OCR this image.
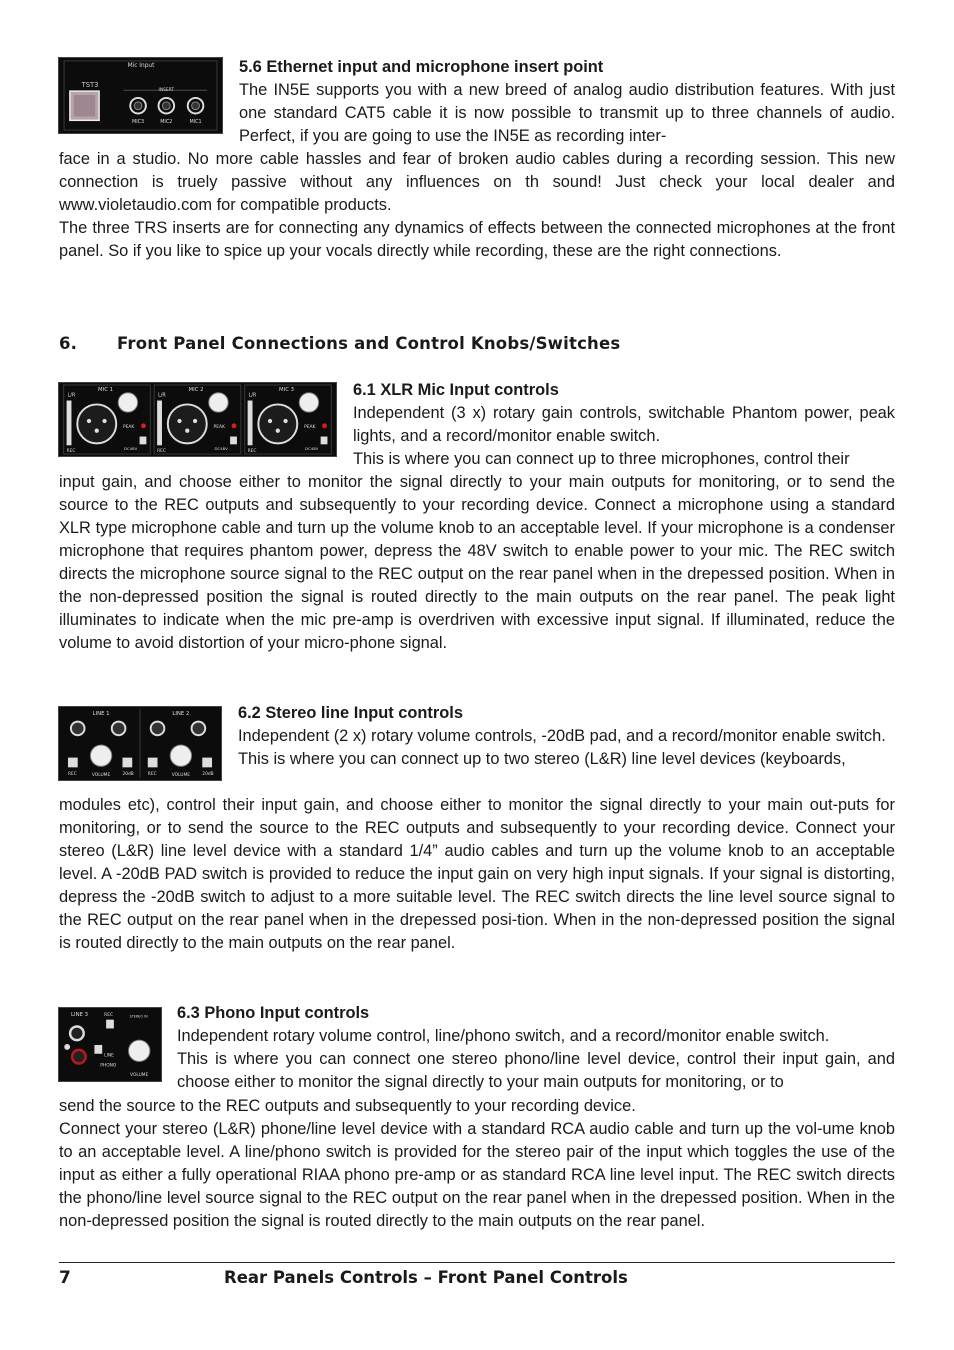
Mic Input
TST3
INSERT
MIC3	MIC2	MIC1
5.6 Ethernet input and microphone insert point

The IN5E supports you with a new breed of analog audio distribution features. With just one standard CAT5 cable it is now possible to transmit up to three channels of audio. Perfect, if you are going to use the IN5E as recording inter-

face in a studio. No more cable hassles and fear of broken audio cables during a recording session. This new connection is truely passive without any influences on th sound! Just check your local dealer and www.violetaudio.com for compatible products.

The three TRS inserts are for connecting any dynamics of effects between the connected microphones at the front panel. So if you like to spice up your vocals directly while recording, these are the right connections.

6. Front Panel Connections and Control Knobs/Switches
MIC 1
L/R
REC
PEAK
DC48V
MIC 2
L/R
REC
PEAK
DC48V
MIC 3
L/R
REC
PEAK
DC48V
6.1 XLR Mic Input controls

Independent (3 x) rotary gain controls, switchable Phantom power, peak lights, and a record/monitor enable switch.

This is where you can connect up to three microphones, control their

input gain, and choose either to monitor the signal directly to your main outputs for monitoring, or to send the source to the REC outputs and subsequently to your recording device. Connect a microphone using a standard XLR type microphone cable and turn up the volume knob to an acceptable level. If your microphone is a condenser microphone that requires phantom power, depress the 48V switch to enable power to your mic. The REC switch directs the microphone source signal to the REC output on the rear panel when in the drepessed position. When in the non-depressed position the signal is routed directly to the main outputs on the rear panel. The peak light illuminates to indicate when the mic pre-amp is overdriven with excessive input signal. If illuminated, reduce the volume to avoid distortion of your micro-phone signal.

LINE 1
REC	VOLUME	20dB
LINE 2
REC	VOLUME	20dB
6.2 Stereo line Input controls

Independent (2 x) rotary volume controls, -20dB pad, and a record/monitor enable switch.

This is where you can connect up to two stereo (L&R) line level devices (keyboards,

modules etc), control their input gain, and choose either to monitor the signal directly to your main out-puts for monitoring, or to send the source to the REC outputs and subsequently to your recording device. Connect your stereo (L&R) line level device with a standard 1/4” audio cables and turn up the volume knob to an acceptable level. A -20dB PAD switch is provided to reduce the input gain on very high input signals. If your signal is distorting, depress the -20dB switch to adjust to a more suitable level. The REC switch directs the line level source signal to the REC output on the rear panel when in the drepessed posi-tion. When in the non-depressed position the signal is routed directly to the main outputs on the rear panel.

LINE 3	REC	STEREO IN
LINE
PHONO
VOLUME
6.3 Phono Input controls

Independent rotary volume control, line/phono switch, and a record/monitor enable switch.

This is where you can connect one stereo phono/line level device, control their input gain, and choose either to monitor the signal directly to your main outputs for monitoring, or to

send the source to the REC outputs and subsequently to your recording device.

Connect your stereo (L&R) phone/line level device with a standard RCA audio cable and turn up the vol-ume knob to an acceptable level. A line/phono switch is provided for the stereo pair of the input which toggles the use of the input as either a fully operational RIAA phono pre-amp or as standard RCA line level input. The REC switch directs the phono/line level source signal to the REC output on the rear panel when in the drepessed position. When in the non-depressed position the signal is routed directly to the main outputs on the rear panel.

7	Rear Panels Controls – Front Panel Controls
